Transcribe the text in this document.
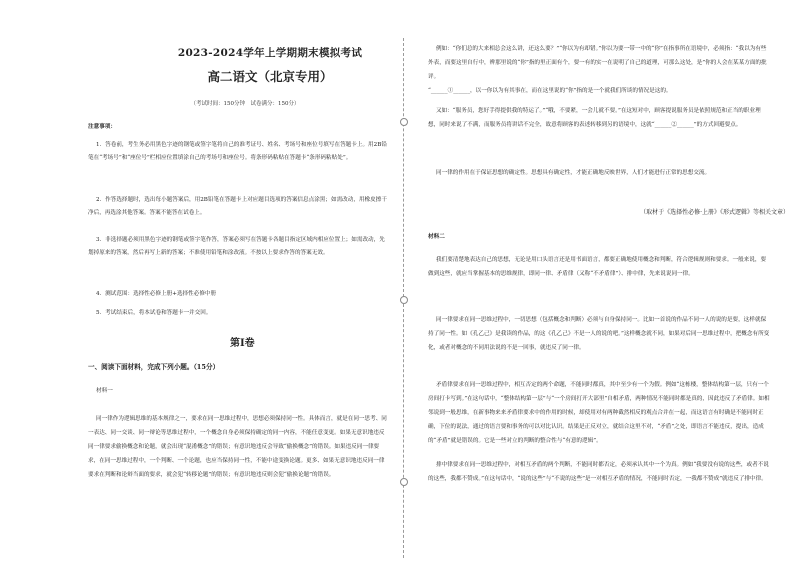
2023-2024学年上学期期末模拟考试

高二语文（北京专用）

（考试时间：150分钟　试卷满分：150分）

注意事项：

1．答卷前，考生务必用黑色字迹的钢笔或签字笔将自己的准考证号、姓名、考场号和座位号填写在答题卡上。用2B铅笔在“考场号”和“座位号”栏相应位置填涂自己的考场号和座位号。将条形码粘贴在答题卡“条形码粘贴处”。

2．作答选择题时，选出每小题答案后，用2B铅笔在答题卡上对应题目选项的答案信息点涂黑；如需改动，用橡皮擦干净后，再选涂其他答案。答案不能答在试卷上。

3．非选择题必须用黑色字迹的钢笔或签字笔作答，答案必须写在答题卡各题目指定区域内相应位置上；如需改动，先划掉原来的答案，然后再写上新的答案；不准使用铅笔和涂改液。不按以上要求作答的答案无效。

4．测试范围：选择性必修上册+选择性必修中册

5．考试结束后，将本试卷和答题卡一并交回。

第Ⅰ卷

一、阅读下面材料，完成下列小题。（15分）

材料一

同一律作为逻辑思维的基本规律之一，要求在同一思维过程中，思想必须保持同一性。具体而言，就是在同一思考、同一表达、同一交谈、同一辩论等思维过程中，一个概念自身必须保持确定的同一内容，不能任意变更。如果无意识地违反同一律要求偷换概念和论题，就会出现“混淆概念”的错误；有意识地违反会导致“偷换概念”的错误。如果违反同一律要求，在同一思维过程中，一个判断、一个论题，也应当保持同一性，不能中途变换论题。更多、如果无意识地违反同一律要求在判断和论辩当面的要求，就会犯“转移论题”的错误；有意识地违反则会犯“偷换论题”的错误。

例如：“你们总的大来相总会这么讲，还这么要？”“你以为有却错。”你以为要一带一中的“你”在指事所在语境中，必须指：“我以为有些外表，而要这里自行中，辨那里说的“你”指的里正面有个，要一有的实一在说明了自己的道理，可那么这处，是”你的人会在某某方面的批评。

“______①______，以一你以为有其事在，而在这里说的“你”指的是一个就我们所谈的情况是这的。

又如：“服务员，您好手得提供我的特运了。”“哦，不要紧，一会儿就不要。”在这短对中，顾客提说服务员是依照规范和正当的职业理想，同时来说了不满，而服务员将讲话不完全，故意将顾客的表述转移到另的语境中，这就“______②______”的方式回避要点。

同一律的作用在于保证思想的确定性。思想具有确定性，才能正确地反映世界，人们才能进行正常的思想交流。

（取材于《选择性必修·上册》《形式逻辑》等相关文章）

材料二

我们要清楚地表达自己的思想，无论是用口头语言还是用书面语言，都要正确地使用概念和判断，符合逻辑规则和要求。一般来说，要做到这些，就应当掌握基本的思维规律，即同一律、矛盾律（又称“不矛盾律”）、排中律，先来说说同一律。

同一律要求在同一思维过程中，一切思想（包括概念和判断）必须与自身保持同一。比如一首说的作品不同一人的说的是要，这样就保持了同一性。如《孔乙己》是我读的作品，的这《孔乙己》不是一人的说的吧。”这样概念就不同，如果对后同一思维过程中，把概念有所变化，或者对概念的不同用法说的不是一回事，就违反了同一律。

矛盾律要求在同一思维过程中，相互否定的两个命题，不能同时都真，其中至少有一个为假。例如“这栋楼，整体结构第一层，只有一个房间打卡写到。”在这句话中，“整体结构第一层”与“一个房间打开大部里”自相矛盾，两种情况不能同时都是真的，因此违反了矛盾律。如相邻说到一般思维，在新事物来来矛盾律要求中的作用的时候，却使用对有两种截然相反的观点合并在一起，而这语言有时确是不能同时正确，下位的说法，通过的语言要和事务的可以对比认识。结果是正反对立，就结合这里不对，“矛盾”之处，即语言不能违反，提出，造成的“矛盾”就是错误的。它是一些对立的判断的整合性与“有意的逻辑”。

排中律要求在同一思维过程中，对相互矛盾的两个判断，不能同时都否定，必须承认其中一个为真。例如“我要没有说的这些，或者不说的这些，我都不赞成。”在这句话中，“说的这些”与“不说的这些”是一对相互矛盾的情况，不能同时否定，一我都不赞成”就违反了排中律。
